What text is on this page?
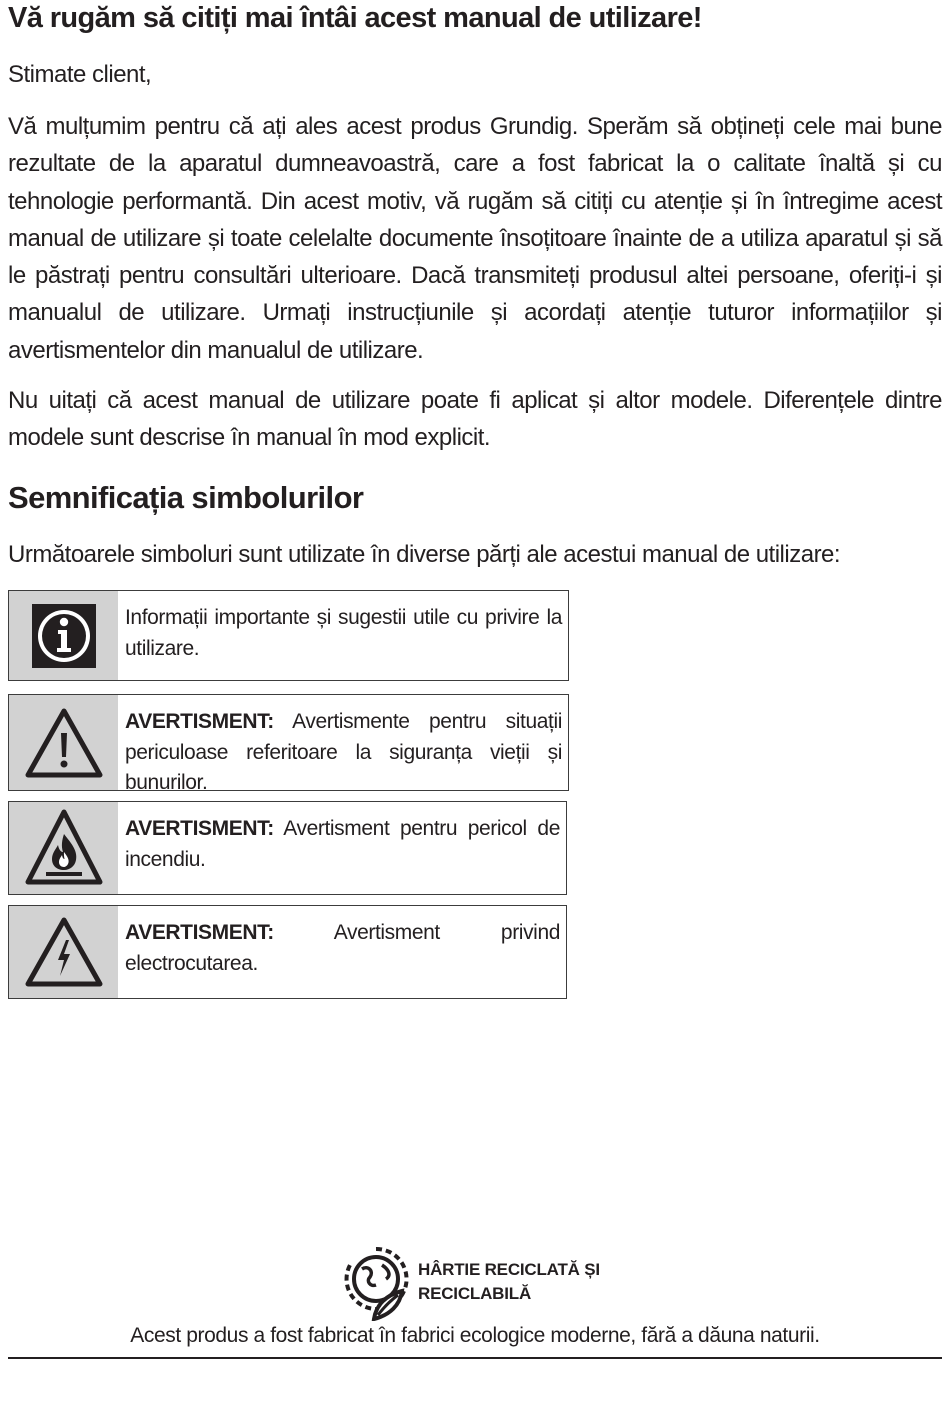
Vă rugăm să citiți mai întâi acest manual de utilizare!

Stimate client,

Vă mulțumim pentru că ați ales acest produs Grundig. Sperăm să obțineți cele mai bune rezultate de la aparatul dumneavoastră, care a fost fabricat la o calitate înaltă și cu tehnologie performantă. Din acest motiv, vă rugăm să citiți cu atenție și în întregime acest manual de utilizare și toate celelalte documente însoțitoare înainte de a utiliza aparatul și să le păstrați pentru consultări ulterioare. Dacă transmiteți produsul altei persoane, oferiți-i și manualul de utilizare. Urmați instrucțiunile și acordați atenție tuturor informațiilor și avertismentelor din manualul de utilizare.

Nu uitați că acest manual de utilizare poate fi aplicat și altor modele. Diferențele dintre modele sunt descrise în manual în mod explicit.

Semnificația simbolurilor

Următoarele simboluri sunt utilizate în diverse părți ale acestui manual de utilizare:

Informații importante și sugestii utile cu privire la utilizare.
AVERTISMENT: Avertismente pentru situații periculoase referitoare la siguranța vieții și bunurilor.
AVERTISMENT: Avertisment pentru pericol de incendiu.
AVERTISMENT: Avertisment privind electrocutarea.
HÂRTIE RECICLATĂ ȘI
RECICLABILĂ
Acest produs a fost fabricat în fabrici ecologice moderne, fără a dăuna naturii.
